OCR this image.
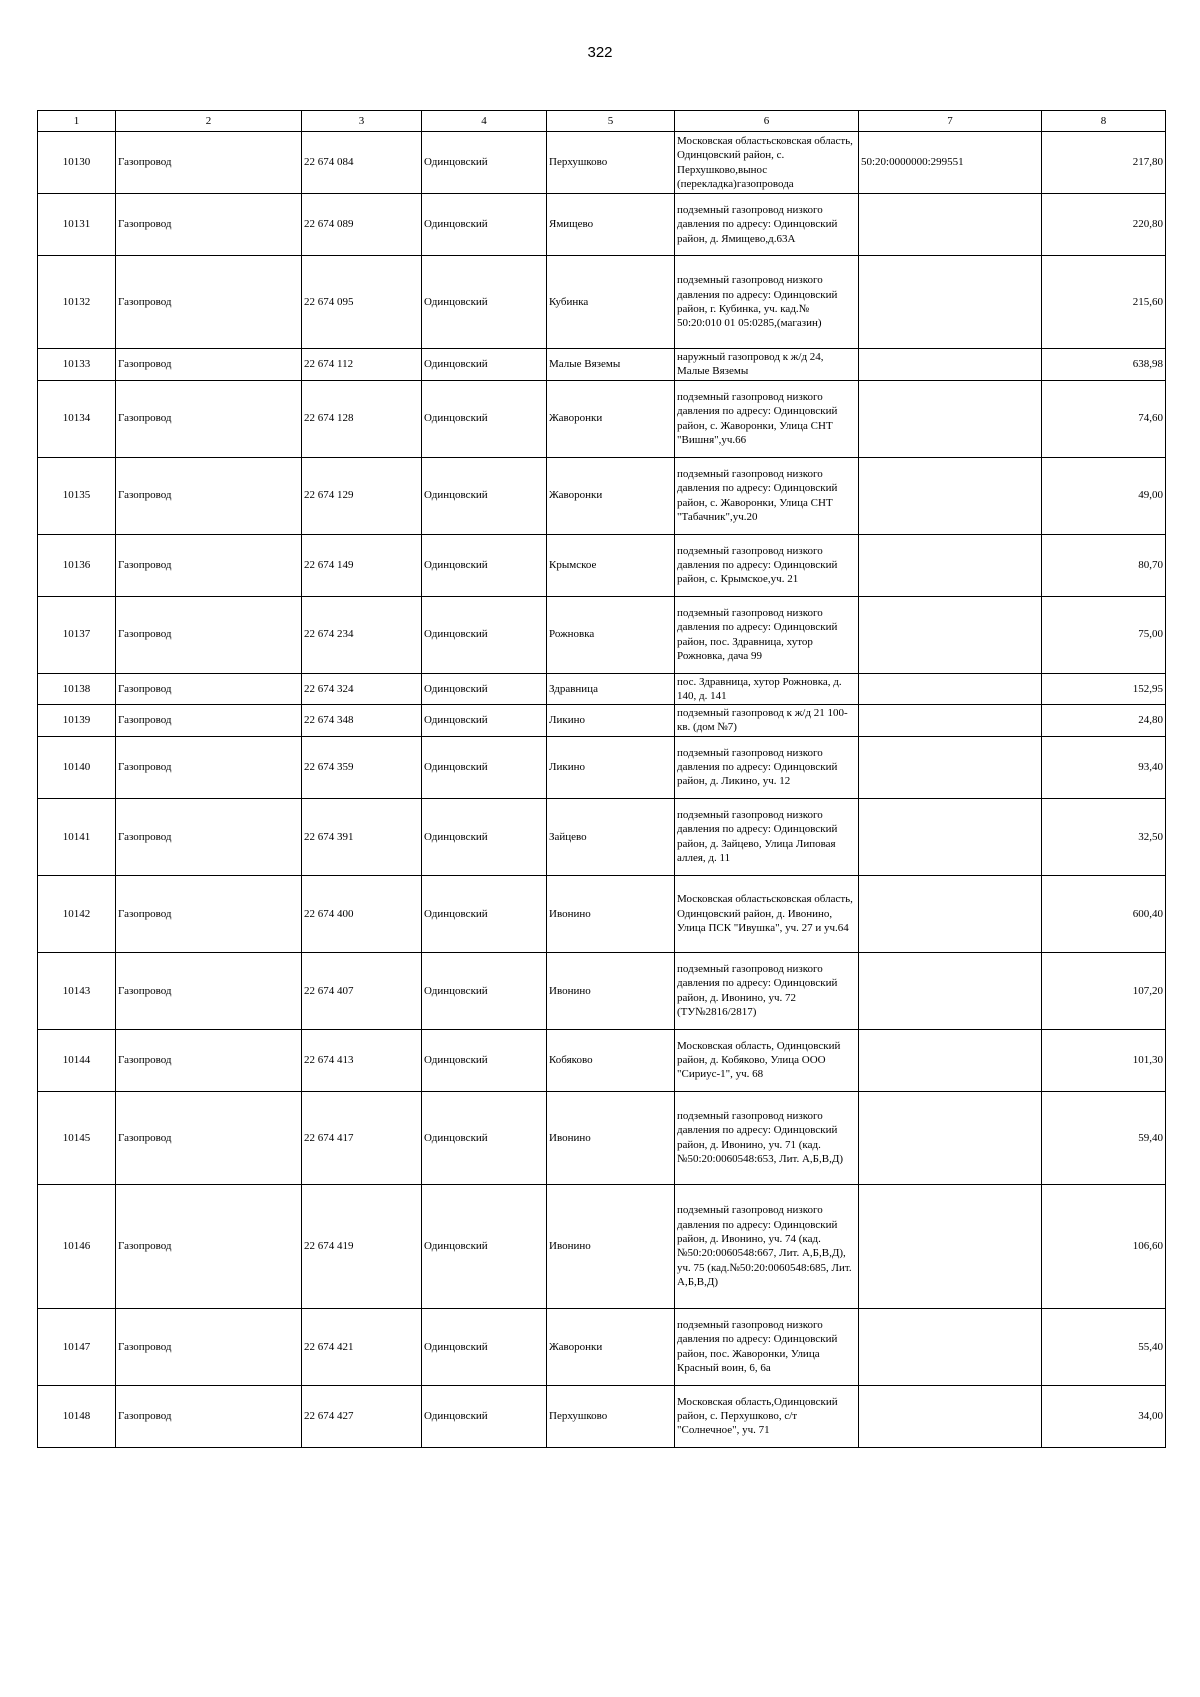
322
1	2	3	4	5	6	7	8
10130	Газопровод	22 674 084	Одинцовский	Перхушково	Московская областьсковская область, Одинцовский район, с. Перхушково,вынос (перекладка)газопровода	50:20:0000000:299551	217,80
10131	Газопровод	22 674 089	Одинцовский	Ямищево	подземный газопровод низкого давления по адресу: Одинцовский район, д. Ямищево,д.63А		220,80
10132	Газопровод	22 674 095	Одинцовский	Кубинка	подземный газопровод низкого давления по адресу: Одинцовский район, г. Кубинка, уч. кад.№ 50:20:010 01 05:0285,(магазин)		215,60
10133	Газопровод	22 674 112	Одинцовский	Малые Вяземы	наружный газопровод к ж/д 24, Малые Вяземы		638,98
10134	Газопровод	22 674 128	Одинцовский	Жаворонки	подземный газопровод низкого давления по адресу: Одинцовский район, с. Жаворонки, Улица СНТ "Вишня",уч.66		74,60
10135	Газопровод	22 674 129	Одинцовский	Жаворонки	подземный газопровод низкого давления по адресу: Одинцовский район, с. Жаворонки, Улица СНТ "Табачник",уч.20		49,00
10136	Газопровод	22 674 149	Одинцовский	Крымское	подземный газопровод низкого давления по адресу: Одинцовский район, с. Крымское,уч. 21		80,70
10137	Газопровод	22 674 234	Одинцовский	Рожновка	подземный газопровод низкого давления по адресу: Одинцовский район, пос. Здравница, хутор Рожновка, дача 99		75,00
10138	Газопровод	22 674 324	Одинцовский	Здравница	пос. Здравница, хутор Рожновка, д. 140, д. 141		152,95
10139	Газопровод	22 674 348	Одинцовский	Ликино	подземный газопровод к ж/д 21 100-кв. (дом №7)		24,80
10140	Газопровод	22 674 359	Одинцовский	Ликино	подземный газопровод низкого давления по адресу: Одинцовский район, д. Ликино, уч. 12		93,40
10141	Газопровод	22 674 391	Одинцовский	Зайцево	подземный газопровод низкого давления по адресу: Одинцовский район, д. Зайцево, Улица Липовая аллея, д. 11		32,50
10142	Газопровод	22 674 400	Одинцовский	Ивонино	Московская областьсковская область, Одинцовский район, д. Ивонино, Улица ПСК "Ивушка", уч. 27 и уч.64		600,40
10143	Газопровод	22 674 407	Одинцовский	Ивонино	подземный газопровод низкого давления по адресу: Одинцовский район, д. Ивонино, уч. 72 (ТУ№2816/2817)		107,20
10144	Газопровод	22 674 413	Одинцовский	Кобяково	Московская область, Одинцовский район, д. Кобяково, Улица ООО "Сириус-1", уч. 68		101,30
10145	Газопровод	22 674 417	Одинцовский	Ивонино	подземный газопровод низкого давления по адресу: Одинцовский район, д. Ивонино, уч. 71 (кад. №50:20:0060548:653, Лит. А,Б,В,Д)		59,40
10146	Газопровод	22 674 419	Одинцовский	Ивонино	подземный газопровод низкого давления по адресу: Одинцовский район, д. Ивонино, уч. 74 (кад.№50:20:0060548:667, Лит. А,Б,В,Д), уч. 75 (кад.№50:20:0060548:685, Лит. А,Б,В,Д)		106,60
10147	Газопровод	22 674 421	Одинцовский	Жаворонки	подземный газопровод низкого давления по адресу: Одинцовский район, пос. Жаворонки, Улица Красный воин, 6, 6а		55,40
10148	Газопровод	22 674 427	Одинцовский	Перхушково	Московская область,Одинцовский район, с. Перхушково, с/т "Солнечное", уч. 71		34,00
